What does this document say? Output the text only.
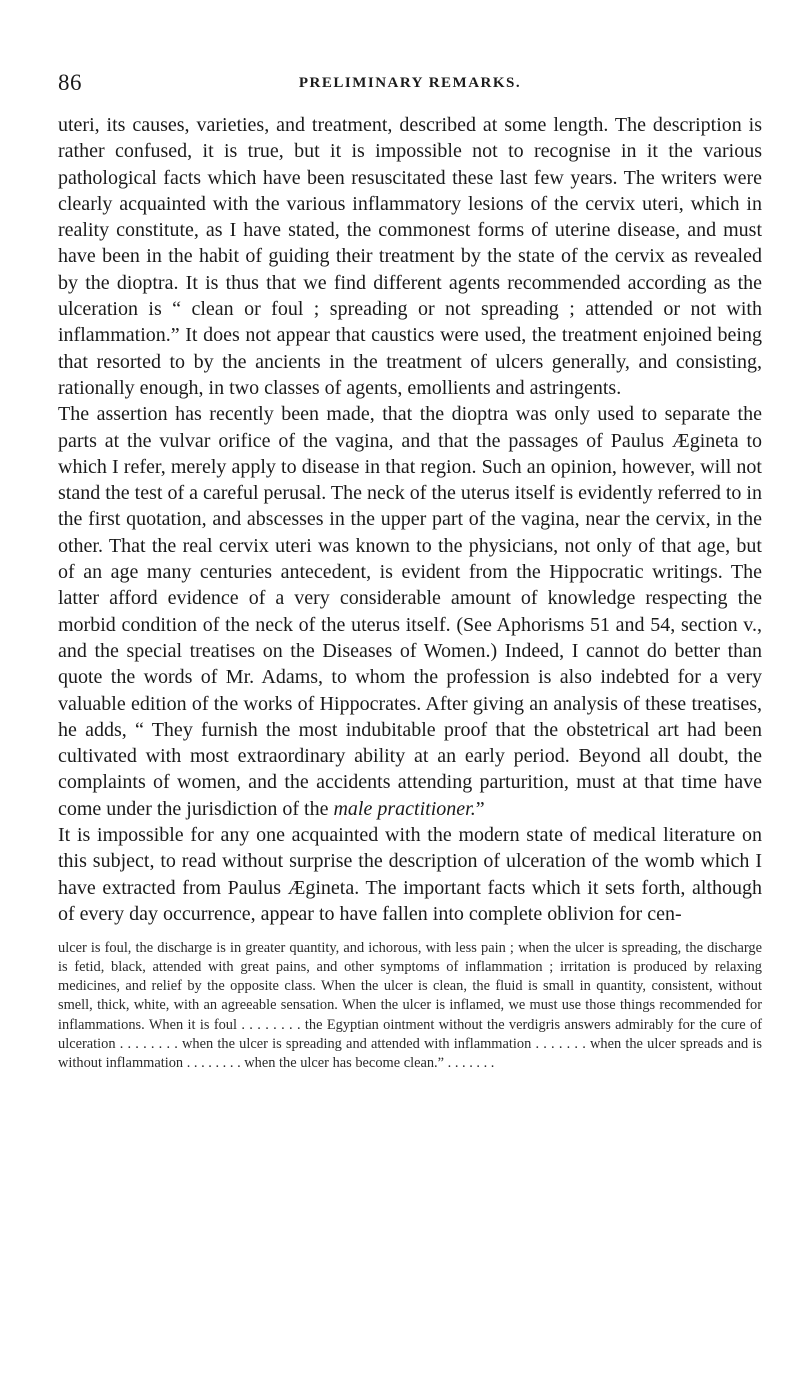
86	PRELIMINARY REMARKS.

uteri, its causes, varieties, and treatment, described at some length. The description is rather confused, it is true, but it is impossible not to recognise in it the various pathological facts which have been resuscitated these last few years. The writers were clearly acquainted with the various inflammatory lesions of the cervix uteri, which in reality constitute, as I have stated, the commonest forms of uterine disease, and must have been in the habit of guiding their treatment by the state of the cervix as revealed by the dioptra. It is thus that we find different agents recommended according as the ulceration is “ clean or foul ; spreading or not spreading ; attended or not with inflammation.” It does not appear that caustics were used, the treatment enjoined being that resorted to by the ancients in the treatment of ulcers generally, and consisting, rationally enough, in two classes of agents, emollients and astringents.

The assertion has recently been made, that the dioptra was only used to separate the parts at the vulvar orifice of the vagina, and that the passages of Paulus Ægineta to which I refer, merely apply to disease in that region. Such an opinion, however, will not stand the test of a careful perusal. The neck of the uterus itself is evidently referred to in the first quotation, and abscesses in the upper part of the vagina, near the cervix, in the other. That the real cervix uteri was known to the physicians, not only of that age, but of an age many centuries antecedent, is evident from the Hippocratic writings. The latter afford evidence of a very considerable amount of knowledge respecting the morbid condition of the neck of the uterus itself. (See Aphorisms 51 and 54, section v., and the special treatises on the Diseases of Women.) Indeed, I cannot do better than quote the words of Mr. Adams, to whom the profession is also indebted for a very valuable edition of the works of Hippocrates. After giving an analysis of these treatises, he adds, “ They furnish the most indubitable proof that the obstetrical art had been cultivated with most extraordinary ability at an early period. Beyond all doubt, the complaints of women, and the accidents attending parturition, must at that time have come under the jurisdiction of the male practitioner.”

It is impossible for any one acquainted with the modern state of medical literature on this subject, to read without surprise the description of ulceration of the womb which I have extracted from Paulus Ægineta. The important facts which it sets forth, although of every day occurrence, appear to have fallen into complete oblivion for cen-

ulcer is foul, the discharge is in greater quantity, and ichorous, with less pain ; when the ulcer is spreading, the discharge is fetid, black, attended with great pains, and other symptoms of inflammation ; irritation is produced by relaxing medicines, and relief by the opposite class. When the ulcer is clean, the fluid is small in quantity, consistent, without smell, thick, white, with an agreeable sensation. When the ulcer is inflamed, we must use those things recommended for inflammations. When it is foul . . . . . . . . the Egyptian ointment without the verdigris answers admirably for the cure of ulceration . . . . . . . . when the ulcer is spreading and attended with inflammation . . . . . . . when the ulcer spreads and is without inflammation . . . . . . . . when the ulcer has become clean.” . . . . . . .
